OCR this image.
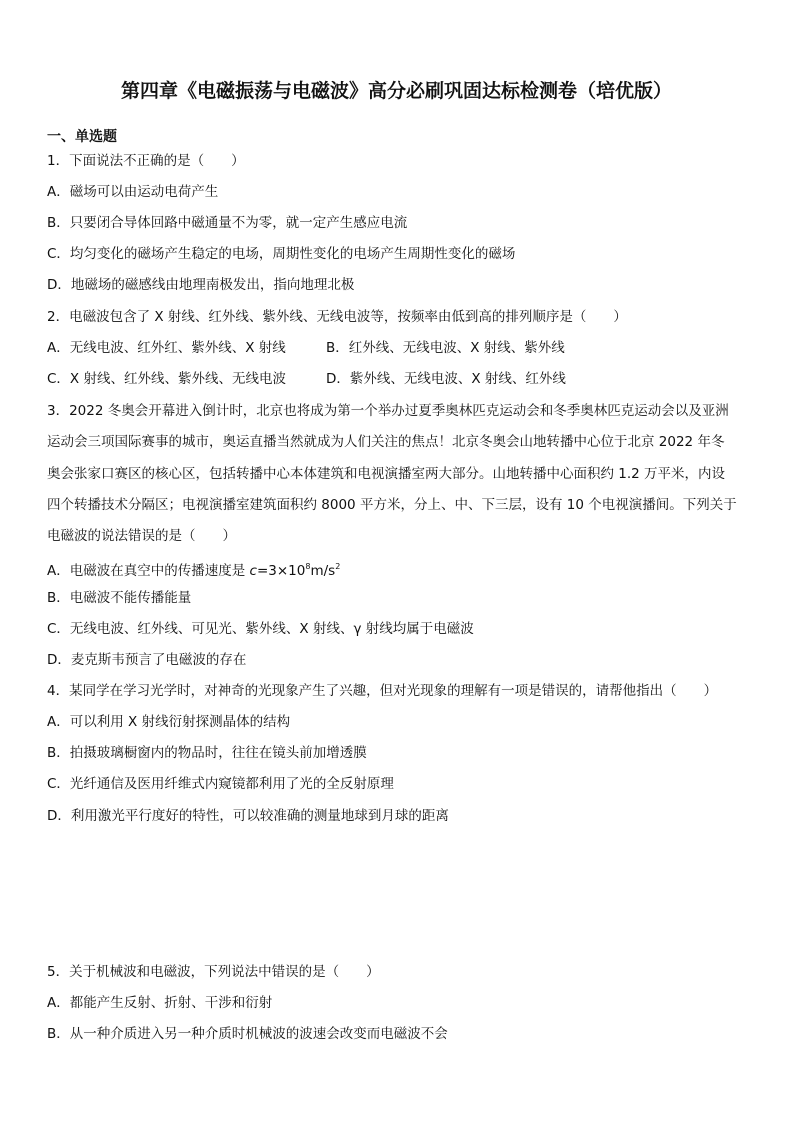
第四章《电磁振荡与电磁波》高分必刷巩固达标检测卷（培优版）
一、单选题
1．下面说法不正确的是（　　）
A．磁场可以由运动电荷产生
B．只要闭合导体回路中磁通量不为零，就一定产生感应电流
C．均匀变化的磁场产生稳定的电场，周期性变化的电场产生周期性变化的磁场
D．地磁场的磁感线由地理南极发出，指向地理北极
2．电磁波包含了 X 射线、红外线、紫外线、无线电波等，按频率由低到高的排列顺序是（　　）
A．无线电波、红外红、紫外线、X 射线	B．红外线、无线电波、X 射线、紫外线
C．X 射线、红外线、紫外线、无线电波	D．紫外线、无线电波、X 射线、红外线
3．2022 冬奥会开幕进入倒计时，北京也将成为第一个举办过夏季奥林匹克运动会和冬季奥林匹克运动会以及亚洲
运动会三项国际赛事的城市，奥运直播当然就成为人们关注的焦点！北京冬奥会山地转播中心位于北京 2022 年冬
奥会张家口赛区的核心区，包括转播中心本体建筑和电视演播室两大部分。山地转播中心面积约 1.2 万平米，内设
四个转播技术分隔区；电视演播室建筑面积约 8000 平方米，分上、中、下三层，设有 10 个电视演播间。下列关于
电磁波的说法错误的是（　　）
A．电磁波在真空中的传播速度是 $c=3\times 10^8m/s^2$
B．电磁波不能传播能量
C．无线电波、红外线、可见光、紫外线、X 射线、γ 射线均属于电磁波
D．麦克斯韦预言了电磁波的存在
4．某同学在学习光学时，对神奇的光现象产生了兴趣，但对光现象的理解有一项是错误的，请帮他指出（　　）
A．可以利用 X 射线衍射探测晶体的结构
B．拍摄玻璃橱窗内的物品时，往往在镜头前加增透膜
C．光纤通信及医用纤维式内窥镜都利用了光的全反射原理
D．利用激光平行度好的特性，可以较准确的测量地球到月球的距离
5．关于机械波和电磁波，下列说法中错误的是（　　）
A．都能产生反射、折射、干涉和衍射
B．从一种介质进入另一种介质时机械波的波速会改变而电磁波不会
